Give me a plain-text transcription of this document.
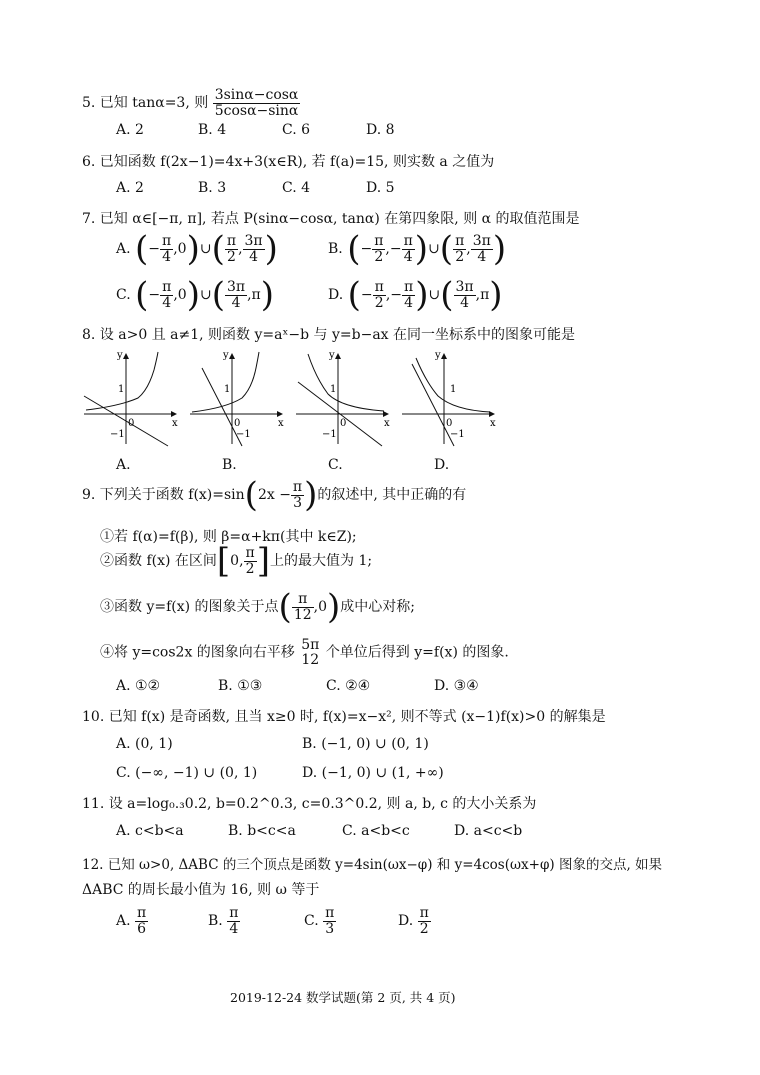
5. 已知 tanα=3, 则 $\frac{3\sin\alpha-\cos\alpha}{5\cos\alpha-\sin\alpha}$
A. 2	B. 4	C. 6	D. 8
6. 已知函数 f(2x−1)=4x+3(x∈R), 若 f(a)=15, 则实数 a 之值为
A. 2	B. 3	C. 4	D. 5
7. 已知 α∈[−π, π], 若点 P(sinα−cosα, tanα) 在第四象限, 则 α 的取值范围是
A. (− $\frac{\pi}{4}$ ,0)∪( $\frac{\pi}{2}$ , $\frac{3\pi}{4}$ )	B. (− $\frac{\pi}{2}$ ,− $\frac{\pi}{4}$ )∪( $\frac{\pi}{2}$ , $\frac{3\pi}{4}$ )
C. (− $\frac{\pi}{4}$ ,0)∪( $\frac{3\pi}{4} ,\pi$)	D. (− $\frac{\pi}{2}$ ,− $\frac{\pi}{4}$ )∪( $\frac{3\pi}{4} ,\pi$)
8. 设 a>0 且 a≠1, 则函数 y=aˣ−b 与 y=b−ax 在同一坐标系中的图象可能是
y
x
0
1
−1
y
x
0
1
−1
y
x
0
1
−1
y
x
0
1
−1
A.	B.	C.	D.
9. 下列关于函数 $f(x)=\sin(2x - \frac{\pi}{3}$ )的叙述中, 其中正确的有
①若 f(α)=f(β), 则 β=α+kπ(其中 k∈Z);
②函数 f(x) 在区间[0, $\frac{\pi}{2}$ ]上的最大值为 1;
③函数 y=f(x) 的图象关于点( $\frac{\pi}{12} ,0$)成中心对称;
④将 y=cos2x 的图象向右平移 5π
12 个单位后得到 y=f(x) 的图象.
A. ①②	B. ①③	C. ②④	D. ③④
10. 已知 f(x) 是奇函数, 且当 x≥0 时, f(x)=x−x², 则不等式 (x−1)f(x)>0 的解集是
A. (0, 1)	B. (−1, 0) ∪ (0, 1)
C. (−∞, −1) ∪ (0, 1)	D. (−1, 0) ∪ (1, +∞)
11. 设 a=log₀.₃0.2, b=0.2^0.3, c=0.3^0.2, 则 a, b, c 的大小关系为
A. c<b<a	B. b<c<a	C. a<b<c	D. a<c<b
12. 已知 ω>0, ΔABC 的三个顶点是函数 y=4sin(ωx−φ) 和 y=4cos(ωx+φ) 图象的交点, 如果
ΔABC 的周长最小值为 16, 则 ω 等于
A. $\frac{\pi}{6}$	B. $\frac{\pi}{4}$	C. $\frac{\pi}{3}$	D. $\frac{\pi}{2}$
2019-12-24 数学试题(第 2 页, 共 4 页)
